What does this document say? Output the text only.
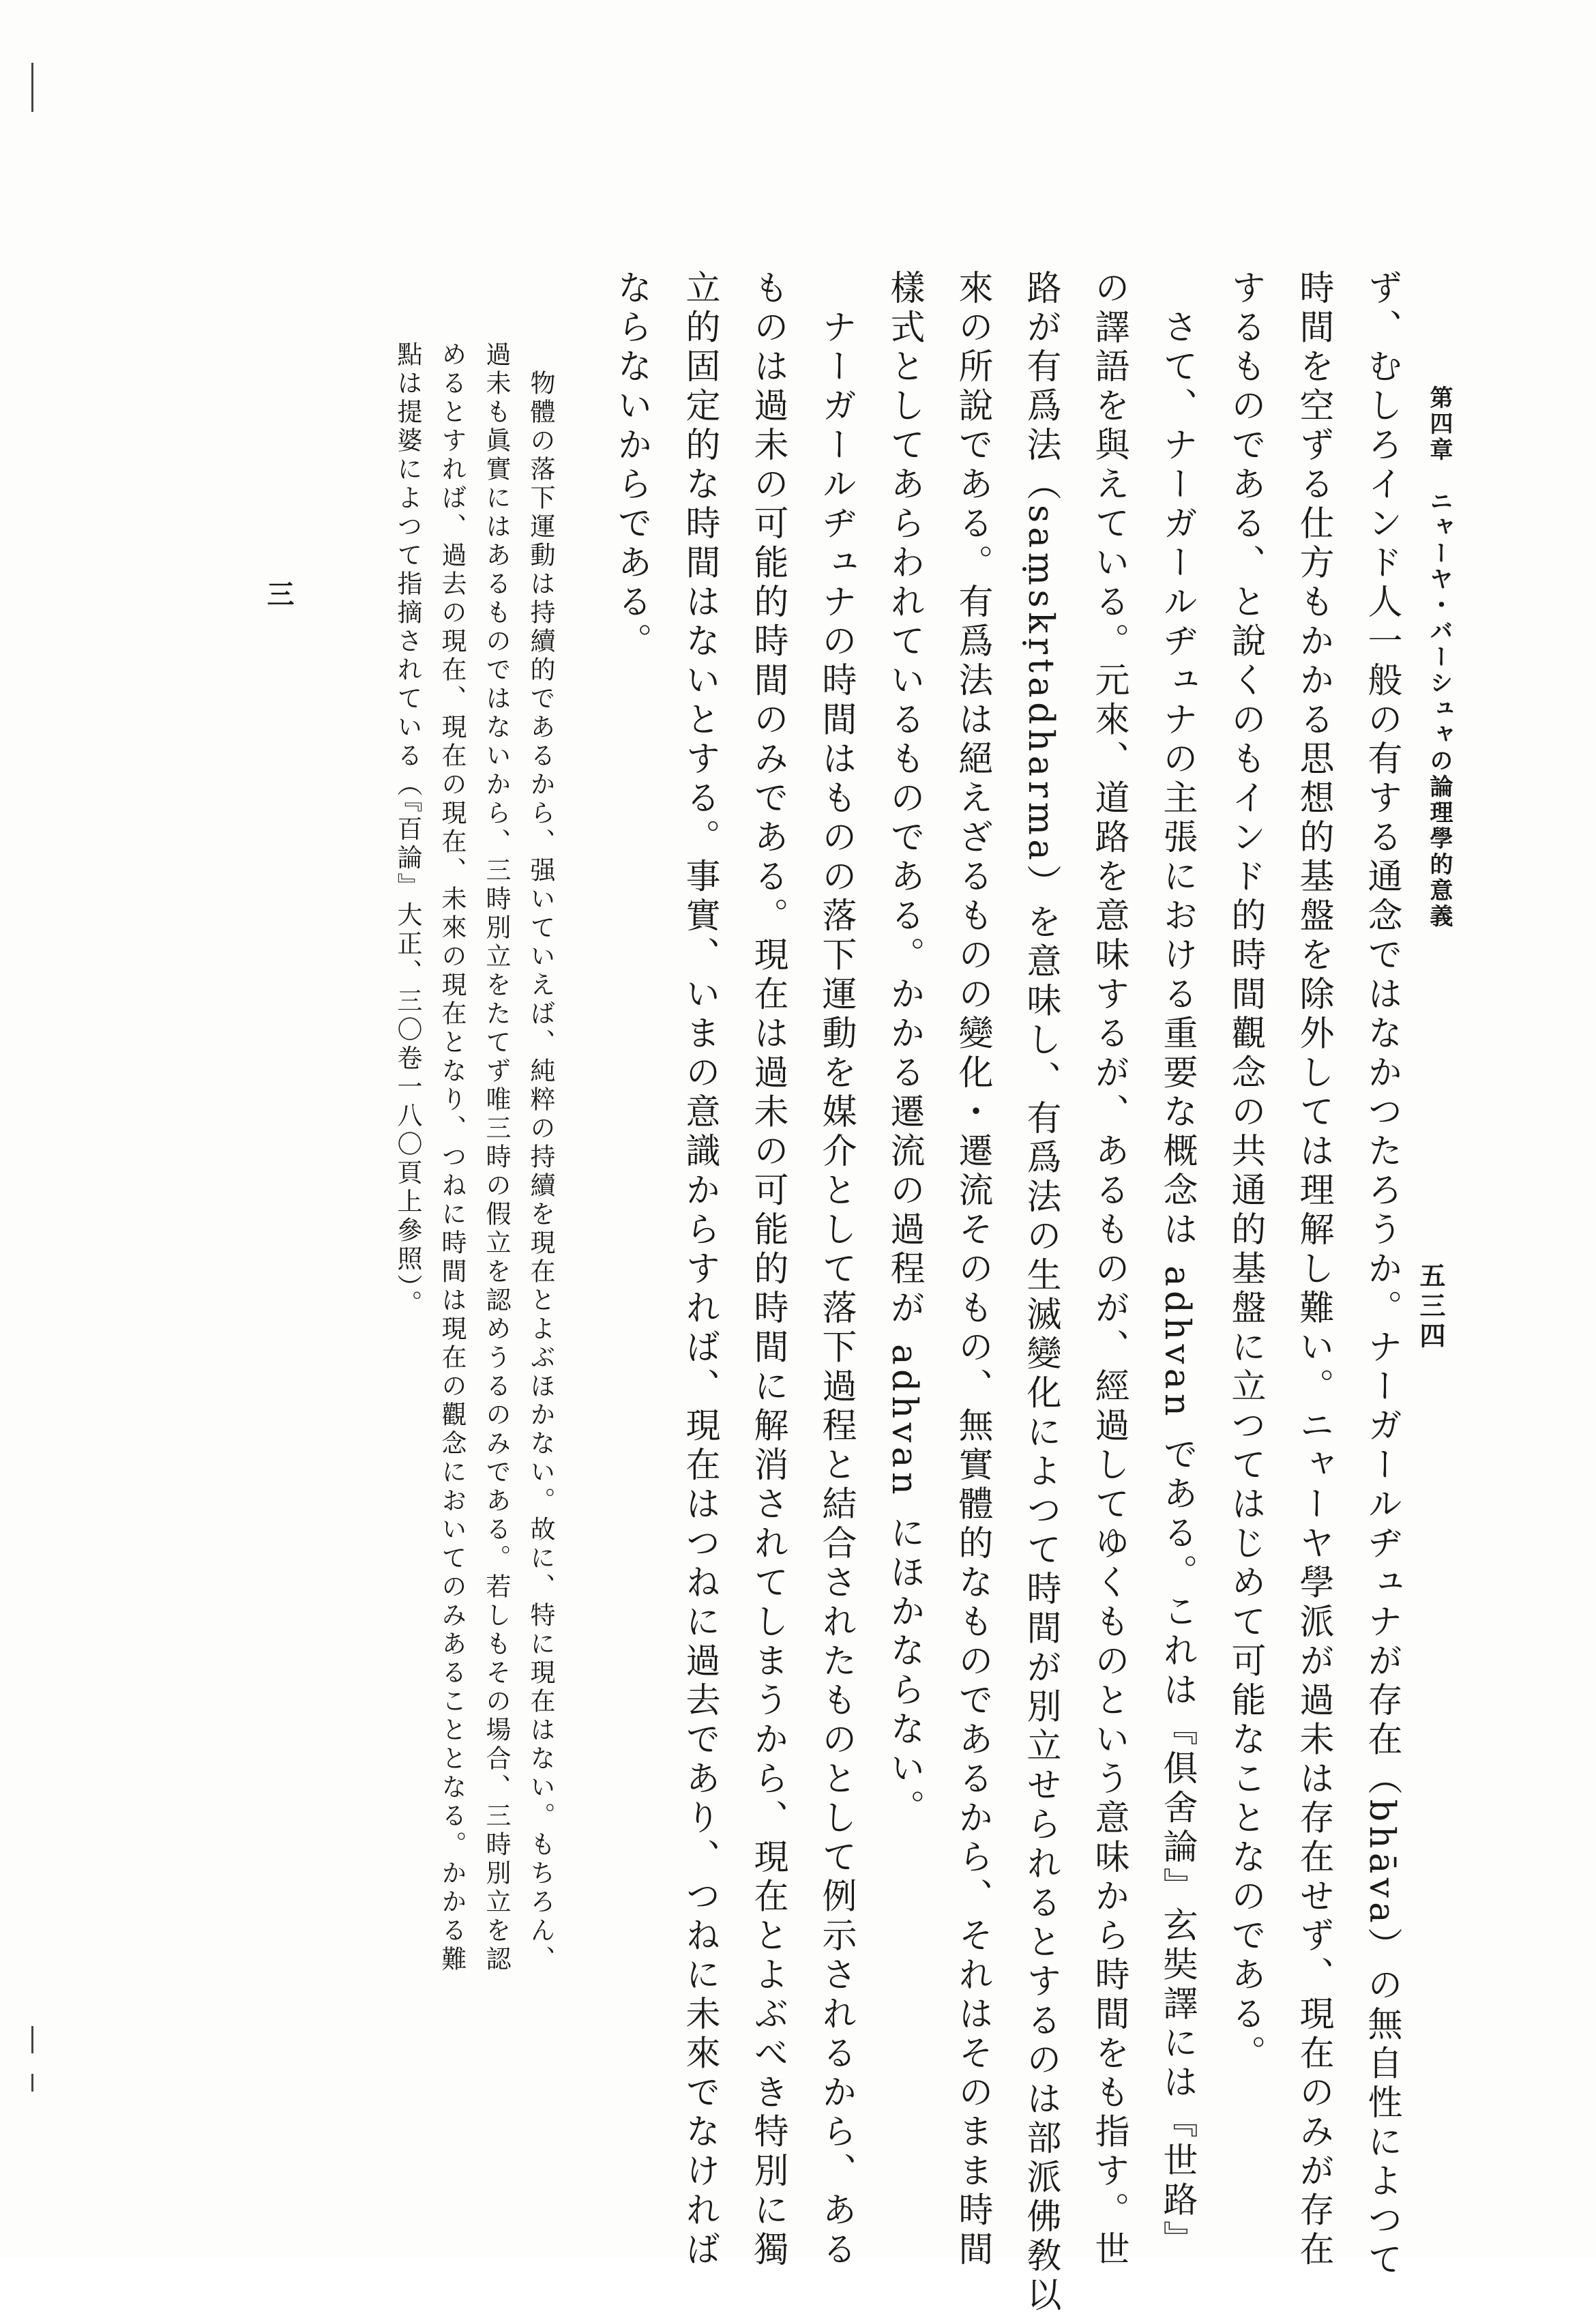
第四章　ニャーヤ・バーシュャの論理學的意義
五三四
ず、むしろインド人一般の有する通念ではなかつたろうか。ナーガールヂュナが存在（bhāva）の無自性によつて
時間を空ずる仕方もかかる思想的基盤を除外しては理解し難い。ニャーヤ學派が過未は存在せず、現在のみが存在
するものである、と說くのもインド的時間觀念の共通的基盤に立つてはじめて可能なことなのである。
　さて、ナーガールヂュナの主張における重要な概念は adhvan である。これは『俱舍論』玄奘譯には『世路』
の譯語を與えている。元來、道路を意味するが、あるものが、經過してゆくものという意味から時間をも指す。世
路が有爲法（saṃskṛtadharma）を意味し、有爲法の生滅變化によつて時間が別立せられるとするのは部派佛敎以
來の所說である。有爲法は絕えざるものの變化・遷流そのもの、無實體的なものであるから、それはそのまま時間
樣式としてあらわれているものである。かかる遷流の過程が adhvan にほかならない。
　ナーガールヂュナの時間はものの落下運動を媒介として落下過程と結合されたものとして例示されるから、ある
ものは過未の可能的時間のみである。現在は過未の可能的時間に解消されてしまうから、現在とよぶべき特別に獨
立的固定的な時間はないとする。事實、いまの意識からすれば、現在はつねに過去であり、つねに未來でなければ
ならないからである。
　物體の落下運動は持續的であるから、强いていえば、純粹の持續を現在とよぶほかない。故に、特に現在はない。もちろん、
過未も眞實にはあるものではないから、三時別立をたてず唯三時の假立を認めうるのみである。若しもその場合、三時別立を認
めるとすれば、過去の現在、現在の現在、未來の現在となり、つねに時間は現在の觀念においてのみあることとなる。かかる難
點は提婆によつて指摘されている（『百論』大正、三〇卷一八〇頁上參照）。
三
